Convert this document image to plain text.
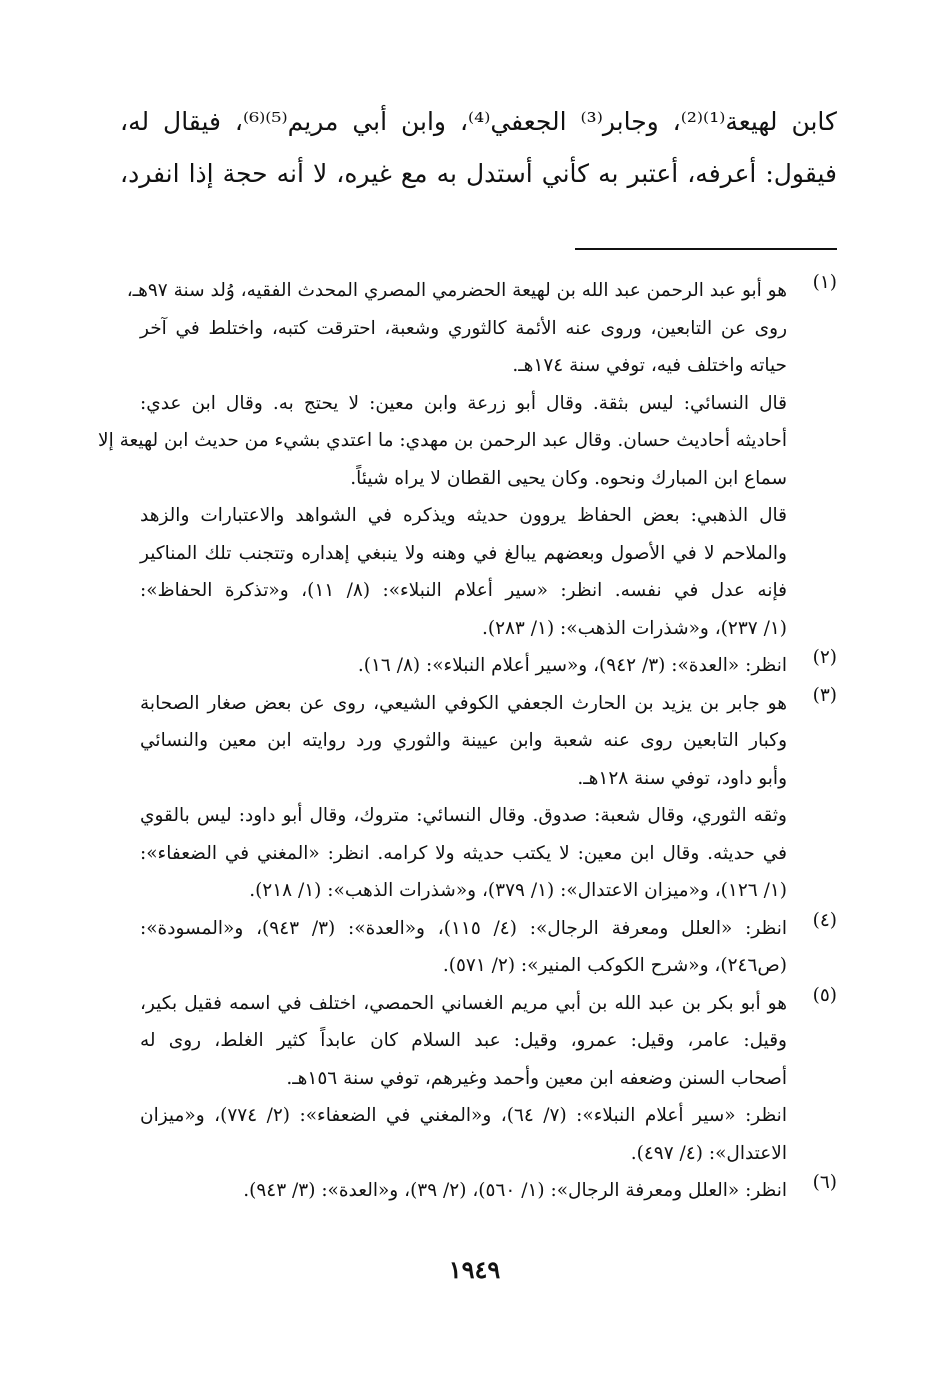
كابن لهيعة⁽¹⁾⁽²⁾، وجابر⁽³⁾ الجعفي⁽⁴⁾، وابن أبي مريم⁽⁵⁾⁽⁶⁾، فيقال له،
فيقول: أعرفه، أعتبر به كأني أستدل به مع غيره، لا أنه حجة إذا انفرد،
(١)
هو أبو عبد الرحمن عبد الله بن لهيعة الحضرمي المصري المحدث الفقيه، وُلد سنة ٩٧هـ،
روى عن التابعين، وروى عنه الأئمة كالثوري وشعبة، احترقت كتبه، واختلط في آخر
حياته واختلف فيه، توفي سنة ١٧٤هـ.
قال النسائي: ليس بثقة. وقال أبو زرعة وابن معين: لا يحتج به. وقال ابن عدي:
أحاديثه أحاديث حسان. وقال عبد الرحمن بن مهدي: ما اعتدي بشيء من حديث ابن لهيعة إلا
سماع ابن المبارك ونحوه. وكان يحيى القطان لا يراه شيئاً.
قال الذهبي: بعض الحفاظ يروون حديثه ويذكره في الشواهد والاعتبارات والزهد
والملاحم لا في الأصول وبعضهم يبالغ في وهنه ولا ينبغي إهداره وتتجنب تلك المناكير
فإنه عدل في نفسه. انظر: «سير أعلام النبلاء»: (٨/ ١١)، و«تذكرة الحفاظ»:
(١/ ٢٣٧)، و«شذرات الذهب»: (١/ ٢٨٣).
(٢)
انظر: «العدة»: (٣/ ٩٤٢)، و«سير أعلام النبلاء»: (٨/ ١٦).
(٣)
هو جابر بن يزيد بن الحارث الجعفي الكوفي الشيعي، روى عن بعض صغار الصحابة
وكبار التابعين روى عنه شعبة وابن عيينة والثوري ورد روايته ابن معين والنسائي
وأبو داود، توفي سنة ١٢٨هـ.
وثقه الثوري، وقال شعبة: صدوق. وقال النسائي: متروك، وقال أبو داود: ليس بالقوي
في حديثه. وقال ابن معين: لا يكتب حديثه ولا كرامه. انظر: «المغني في الضعفاء»:
(١/ ١٢٦)، و«ميزان الاعتدال»: (١/ ٣٧٩)، و«شذرات الذهب»: (١/ ٢١٨).
(٤)
انظر: «العلل ومعرفة الرجال»: (٤/ ١١٥)، و«العدة»: (٣/ ٩٤٣)، و«المسودة»:
(ص٢٤٦)، و«شرح الكوكب المنير»: (٢/ ٥٧١).
(٥)
هو أبو بكر بن عبد الله بن أبي مريم الغساني الحمصي، اختلف في اسمه فقيل بكير،
وقيل: عامر، وقيل: عمرو، وقيل: عبد السلام كان عابداً كثير الغلط، روى له
أصحاب السنن وضعفه ابن معين وأحمد وغيرهم، توفي سنة ١٥٦هـ.
انظر: «سير أعلام النبلاء»: (٧/ ٦٤)، و«المغني في الضعفاء»: (٢/ ٧٧٤)، و«ميزان
الاعتدال»: (٤/ ٤٩٧).
(٦)
انظر: «العلل ومعرفة الرجال»: (١/ ٥٦٠)، (٢/ ٣٩)، و«العدة»: (٣/ ٩٤٣).
١٩٤٩
